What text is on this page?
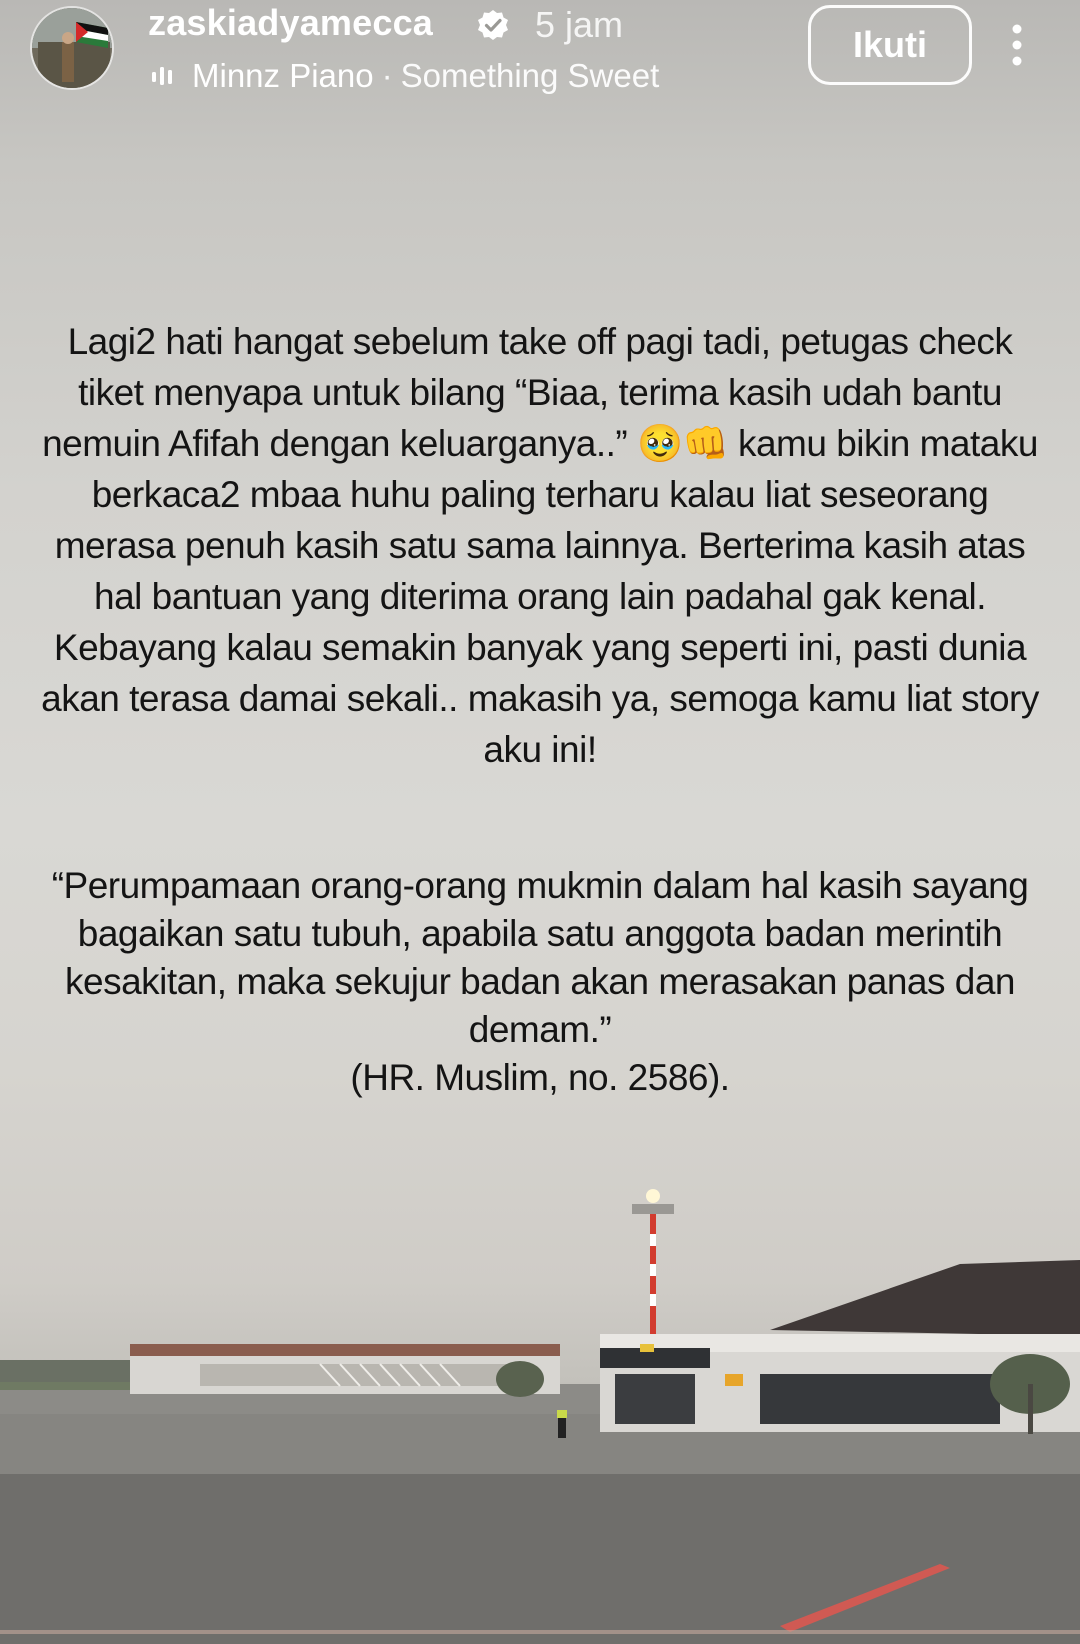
zaskiadyamecca	5 jam
Minnz Piano · Something Sweet
Ikuti
Lagi2 hati hangat sebelum take off pagi tadi, petugas check tiket menyapa untuk bilang “Biaa, terima kasih udah bantu nemuin Afifah dengan keluarganya..” 🥹👊 kamu bikin mataku berkaca2 mbaa huhu paling terharu kalau liat seseorang merasa penuh kasih satu sama lainnya. Berterima kasih atas hal bantuan yang diterima orang lain padahal gak kenal. Kebayang kalau semakin banyak yang seperti ini, pasti dunia akan terasa damai sekali.. makasih ya, semoga kamu liat story aku ini!
“Perumpamaan orang-orang mukmin dalam hal kasih sayang bagaikan satu tubuh, apabila satu anggota badan merintih kesakitan, maka sekujur badan akan merasakan panas dan demam.”
(HR. Muslim, no. 2586).
